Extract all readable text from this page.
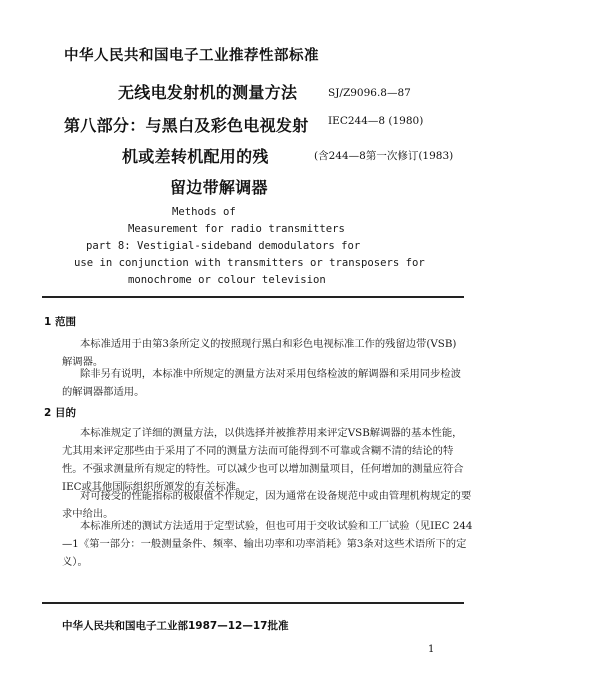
中华人民共和国电子工业推荐性部标准
无线电发射机的测量方法
第八部分：与黑白及彩色电视发射
机或差转机配用的残
留边带解调器
SJ/Z9096.8—87
IEC244—8 (1980)
(含244—8第一次修订(1983)
Methods of
Measurement for radio transmitters
part 8: Vestigial-sideband demodulators for
use in conjunction with transmitters or transposers for
monochrome or colour television
1 范围
本标准适用于由第3条所定义的按照现行黑白和彩色电视标准工作的残留边带(VSB)解调器。
除非另有说明，本标准中所规定的测量方法对采用包络检波的解调器和采用同步检波的解调器都适用。
2 目的
本标准规定了详细的测量方法，以供选择并被推荐用来评定VSB解调器的基本性能，尤其用来评定那些由于采用了不同的测量方法而可能得到不可靠或含糊不清的结论的特性。不强求测量所有规定的特性。可以减少也可以增加测量项目，任何增加的测量应符合IEC或其他国际组织所颁发的有关标准。
对可接受的性能指标的极限值不作规定，因为通常在设备规范中或由管理机构规定的要求中给出。
本标准所述的测试方法适用于定型试验，但也可用于交收试验和工厂试验（见IEC 244—1《第一部分：一般测量条件、频率、输出功率和功率消耗》第3条对这些术语所下的定义）。
中华人民共和国电子工业部1987—12—17批准
1
